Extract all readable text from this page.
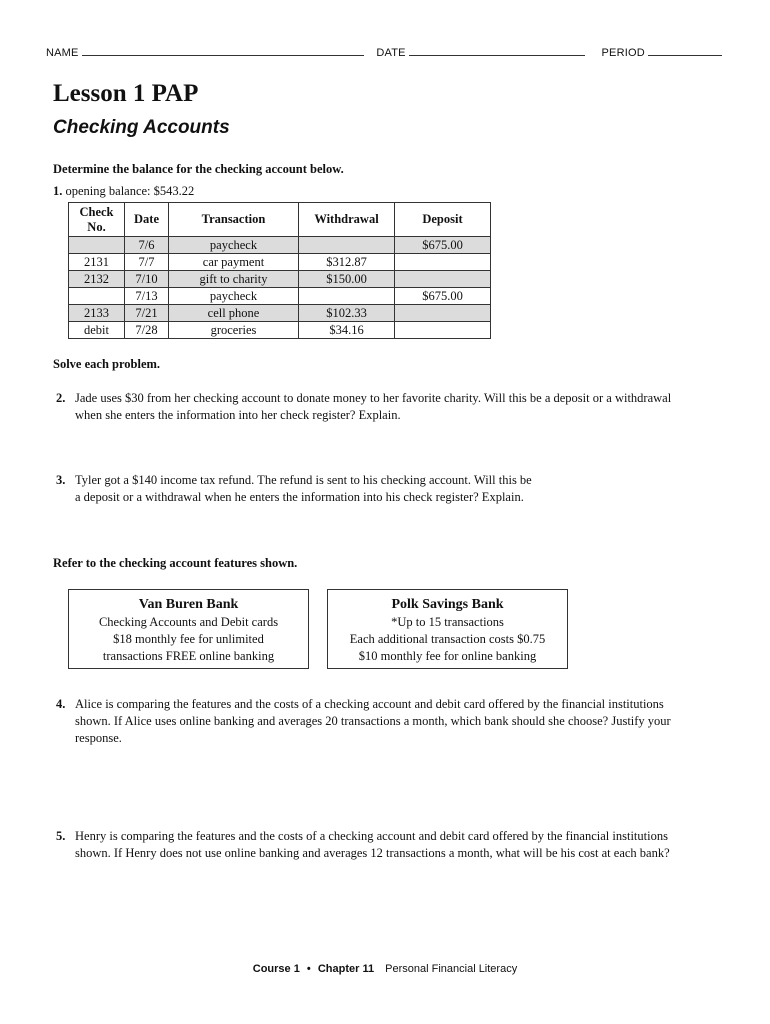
NAME	DATE	PERIOD
Lesson 1 PAP
Checking Accounts
Determine the balance for the checking account below.
1. opening balance: $543.22
Check No.	Date	Transaction	Withdrawal	Deposit
	7/6	paycheck		$675.00
2131	7/7	car payment	$312.87	
2132	7/10	gift to charity	$150.00	
	7/13	paycheck		$675.00
2133	7/21	cell phone	$102.33	
debit	7/28	groceries	$34.16	
Solve each problem.
2. Jade uses $30 from her checking account to donate money to her favorite charity. Will this be a deposit or a withdrawal when she enters the information into her check register? Explain.
3. Tyler got a $140 income tax refund. The refund is sent to his checking account. Will this be
a deposit or a withdrawal when he enters the information into his check register? Explain.
Refer to the checking account features shown.
Van Buren Bank
Checking Accounts and Debit cards
$18 monthly fee for unlimited
transactions FREE online banking
Polk Savings Bank
*Up to 15 transactions
Each additional transaction costs $0.75
$10 monthly fee for online banking
4. Alice is comparing the features and the costs of a checking account and debit card offered by the financial institutions shown. If Alice uses online banking and averages 20 transactions a month, which bank should she choose? Justify your response.
5. Henry is comparing the features and the costs of a checking account and debit card offered by the financial institutions shown. If Henry does not use online banking and averages 12 transactions a month, what will be his cost at each bank?
Course 1 • Chapter 11 Personal Financial Literacy
